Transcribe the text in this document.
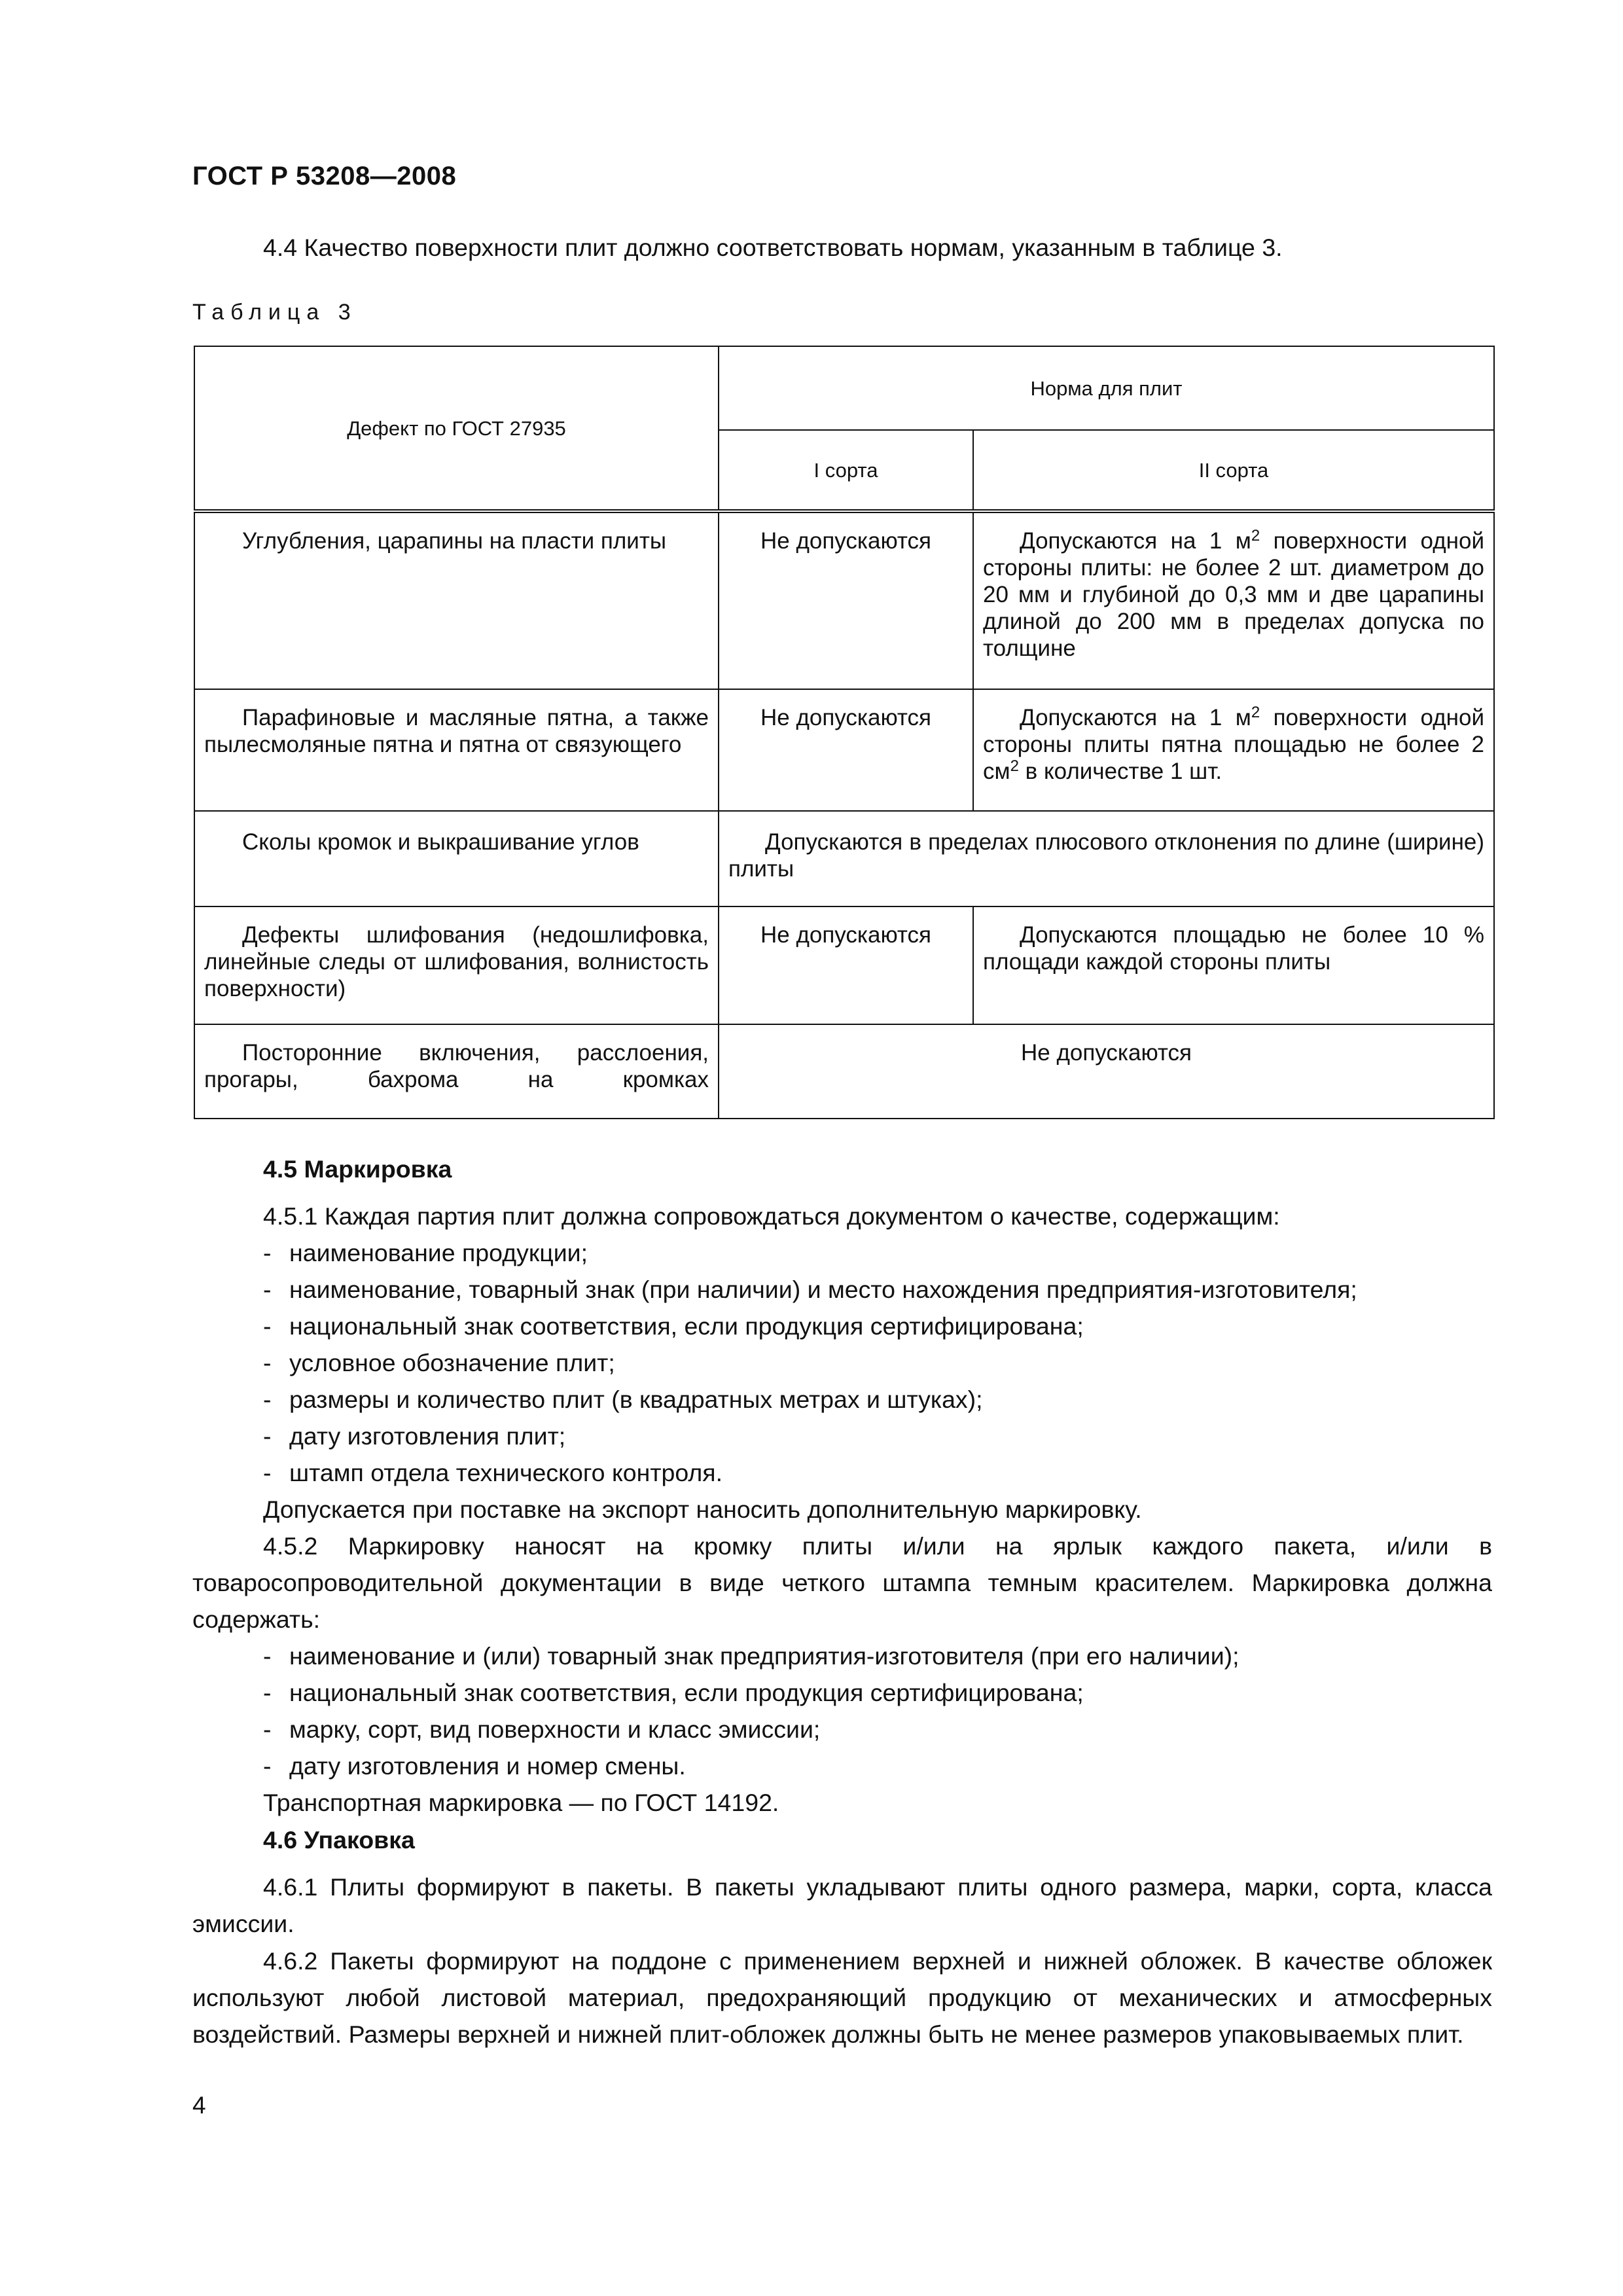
ГОСТ Р 53208—2008
4.4 Качество поверхности плит должно соответствовать нормам, указанным в таблице 3.
Таблица 3
Дефект по ГОСТ 27935	Норма для плит	
	I сорта	II сорта

Углубления, царапины на пласти плиты	Не допускаются	Допускаются на 1 $м^2$ поверхности одной стороны плиты: не более 2 шт. диаметром до 20 мм и глубиной до 0,3 мм и две царапины длиной до 200 мм в пределах допуска по толщине

Парафиновые и масляные пятна, а также пылесмоляные пятна и пятна от связующего	Не допускаются	Допускаются на 1 $м^2$ поверхности одной стороны плиты пятна площадью не более 2 $см^2$ в количестве 1 шт.

Сколы кромок и выкрашивание углов	Допускаются в пределах плюсового отклонения по длине (ширине) плиты	

Дефекты шлифования (недошлифовка, линейные следы от шлифования, волнистость поверхности)	Не допускаются	Допускаются площадью не более 10 % площади каждой стороны плиты

Посторонние включения, расслоения, прогары, бахрома на кромках	Не допускаются	
4.5 Маркировка
4.5.1 Каждая партия плит должна сопровождаться документом о качестве, содержащим:
- наименование продукции;
- наименование, товарный знак (при наличии) и место нахождения предприятия-изготовителя;
- национальный знак соответствия, если продукция сертифицирована;
- условное обозначение плит;
- размеры и количество плит (в квадратных метрах и штуках);
- дату изготовления плит;
- штамп отдела технического контроля.
Допускается при поставке на экспорт наносить дополнительную маркировку.
4.5.2 Маркировку наносят на кромку плиты и/или на ярлык каждого пакета, и/или в товаросопроводительной документации в виде четкого штампа темным красителем. Маркировка должна содержать:
- наименование и (или) товарный знак предприятия-изготовителя (при его наличии);
- национальный знак соответствия, если продукция сертифицирована;
- марку, сорт, вид поверхности и класс эмиссии;
- дату изготовления и номер смены.
Транспортная маркировка — по ГОСТ 14192.
4.6 Упаковка
4.6.1 Плиты формируют в пакеты. В пакеты укладывают плиты одного размера, марки, сорта, класса эмиссии.
4.6.2 Пакеты формируют на поддоне с применением верхней и нижней обложек. В качестве обложек используют любой листовой материал, предохраняющий продукцию от механических и атмосферных воздействий. Размеры верхней и нижней плит-обложек должны быть не менее размеров упаковываемых плит.
4
